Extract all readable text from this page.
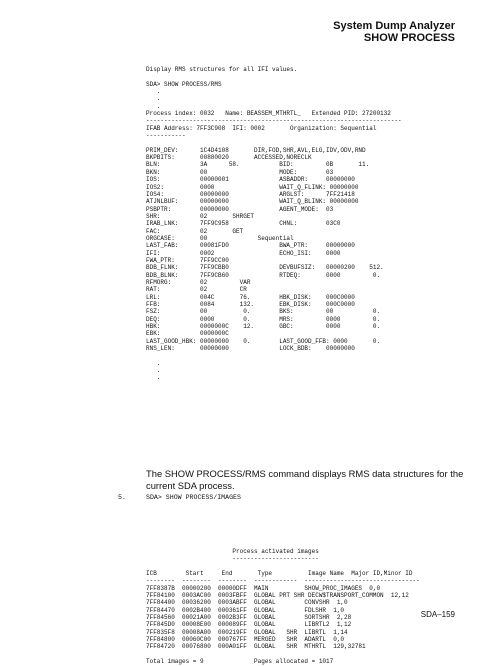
System Dump Analyzer
SHOW PROCESS
Display RMS structures for all IFI values.

SDA> SHOW PROCESS/RMS
.
.
.
Process index: 0032   Name: BEASSEM_MTHRTL_   Extended PID: 27200132
-----------------------------------------------------------------------
IFAB Address: 7FF3C908  IFI: 0002       Organization: Sequential
-----------

PRIM_DEV:      1C4D4108       DIR,FOD,SHR,AVL,ELG,IDV,ODV,RND
BKPBITS:       00880020       ACCESSED,NORECLK
BLN:           3A      58.           BID:         0B       11.
BKN:           00                    MODE:        03
IOS:           00000001              ASBADDR:     00000000
IOS2:          0000                  WAIT_Q_FLINK: 00000000
IOS4:          00000000              ARGLST:      7FF21418
ATJNLBUF:      00000000              WAIT_Q_BLINK: 00000000
PSBPTR:        00000000              AGENT_MODE:  03
SHR:           02       SHRGET
IRAB_LNK:      7FF9C958              CHNL:        03C0
FAC:           02       GET
ORGCASE:       00              Sequential
LAST_FAB:      00081FD0              BWA_PTR:     00000000
IFI:           0002                  ECHO_ISI:    0000
FWA_PTR:       7FF9CC00
BDB_FLNK:      7FF9CBB0              DEVBUFSIZ:   00000200    512.
BDB_BLNK:      7FF9CB60              RTDEQ:       0000         0.
RFMORG:        02         VAR
RAT:           02         CR
LRL:           004C       76.        HBK_DISK:    000C0000
FFB:           0084       132.       EBK_DISK:    000C0000
FSZ:           00          0.        BKS:         00           0.
DEQ:           0000        0.        MRS:         0000         0.
HBK:           0000000C    12.       GBC:         0000         0.
EBK:           0000000C
LAST_GOOD_HBK: 00000000    0.        LAST_GOOD_FFB: 0000       0.
RNS_LEN:       00000000              LOCK_BDB:    00000000

.
.
.
The SHOW PROCESS/RMS command displays RMS data structures for the current SDA process.
5.	SDA> SHOW PROCESS/IMAGES
Process activated images
------------------------

ICB        Start     End       Type          Image Name  Major ID,Minor ID
--------  --------  --------  ------------  --------------------------------
7FF8387B  00000200  00000DFF  MAIN          SHOW_PROC_IMAGES  0,0
7FF84100  0003AC00  0003FBFF  GLOBAL PRT SHR DECW$TRANSPORT_COMMON  12,12
7FF84400  00036200  0003ABFF  GLOBAL        CONVSHR  1,0
7FF84470  0002B400  000361FF  GLOBAL        FDLSHR  1,0
7FF84560  00021A00  0002B3FF  GLOBAL        SORTSHR  2,28
7FF845D0  00008E00  000089FF  GLOBAL        LIBRTL2  1,12
7FF835F8  00008A00  000219FF  GLOBAL   SHR  LIBRTL  1,14
7FF84800  00060C00  000767FF  MERGED   SHR  ADARTL  0,0
7FF84720  00076800  000A01FF  GLOBAL   SHR  MTHRTL  129,32781

Total images = 9              Pages allocated = 1017
SDA–159
